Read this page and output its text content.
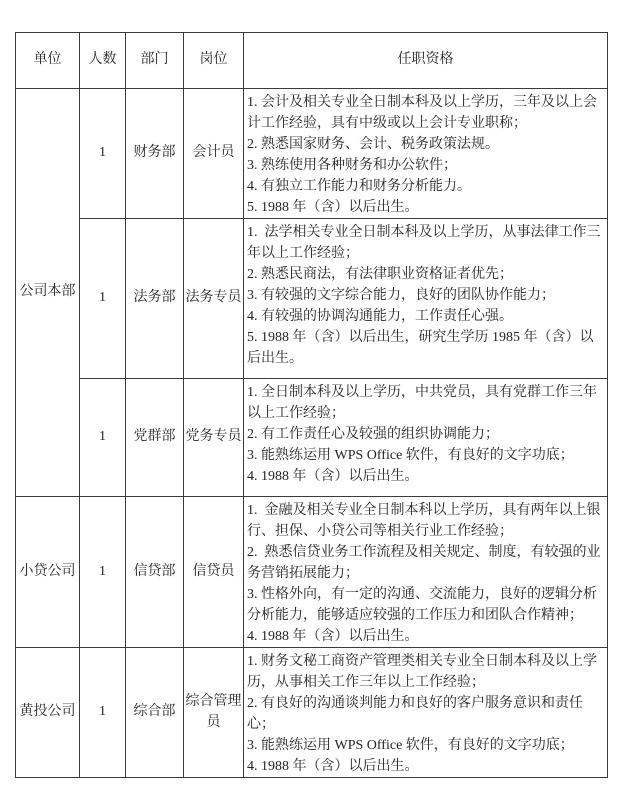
单位	人数	部门	岗位	任职资格
公司本部	1	财务部	会计员	1. 会计及相关专业全日制本科及以上学历，三年及以上会计工作经验，具有中级或以上会计专业职称；
2. 熟悉国家财务、会计、税务政策法规。
3. 熟练使用各种财务和办公软件；
4. 有独立工作能力和财务分析能力。
5. 1988 年（含）以后出生。

	1	法务部	法务专员	1.  法学相关专业全日制本科及以上学历，从事法律工作三年以上工作经验；
2. 熟悉民商法，有法律职业资格证者优先；
3. 有较强的文字综合能力，良好的团队协作能力；
4. 有较强的协调沟通能力，工作责任心强。
5. 1988 年（含）以后出生，研究生学历 1985 年（含）以后出生。

	1	党群部	党务专员	1. 全日制本科及以上学历，中共党员，具有党群工作三年以上工作经验；
2. 有工作责任心及较强的组织协调能力；
3. 能熟练运用 WPS Office 软件，有良好的文字功底；
4. 1988 年（含）以后出生。

小贷公司	1	信贷部	信贷员	1.  金融及相关专业全日制本科以上学历，具有两年以上银行、担保、小贷公司等相关行业工作经验；
2.  熟悉信贷业务工作流程及相关规定、制度，有较强的业务营销拓展能力；
3. 性格外向，有一定的沟通、交流能力，良好的逻辑分析分析能力，能够适应较强的工作压力和团队合作精神；
4. 1988 年（含）以后出生。

黄投公司	1	综合部	综合管理员	1. 财务文秘工商资产管理类相关专业全日制本科及以上学历，从事相关工作三年以上工作经验；
2. 有良好的沟通谈判能力和良好的客户服务意识和责任心；
3. 能熟练运用 WPS Office 软件，有良好的文字功底；
4. 1988 年（含）以后出生。
